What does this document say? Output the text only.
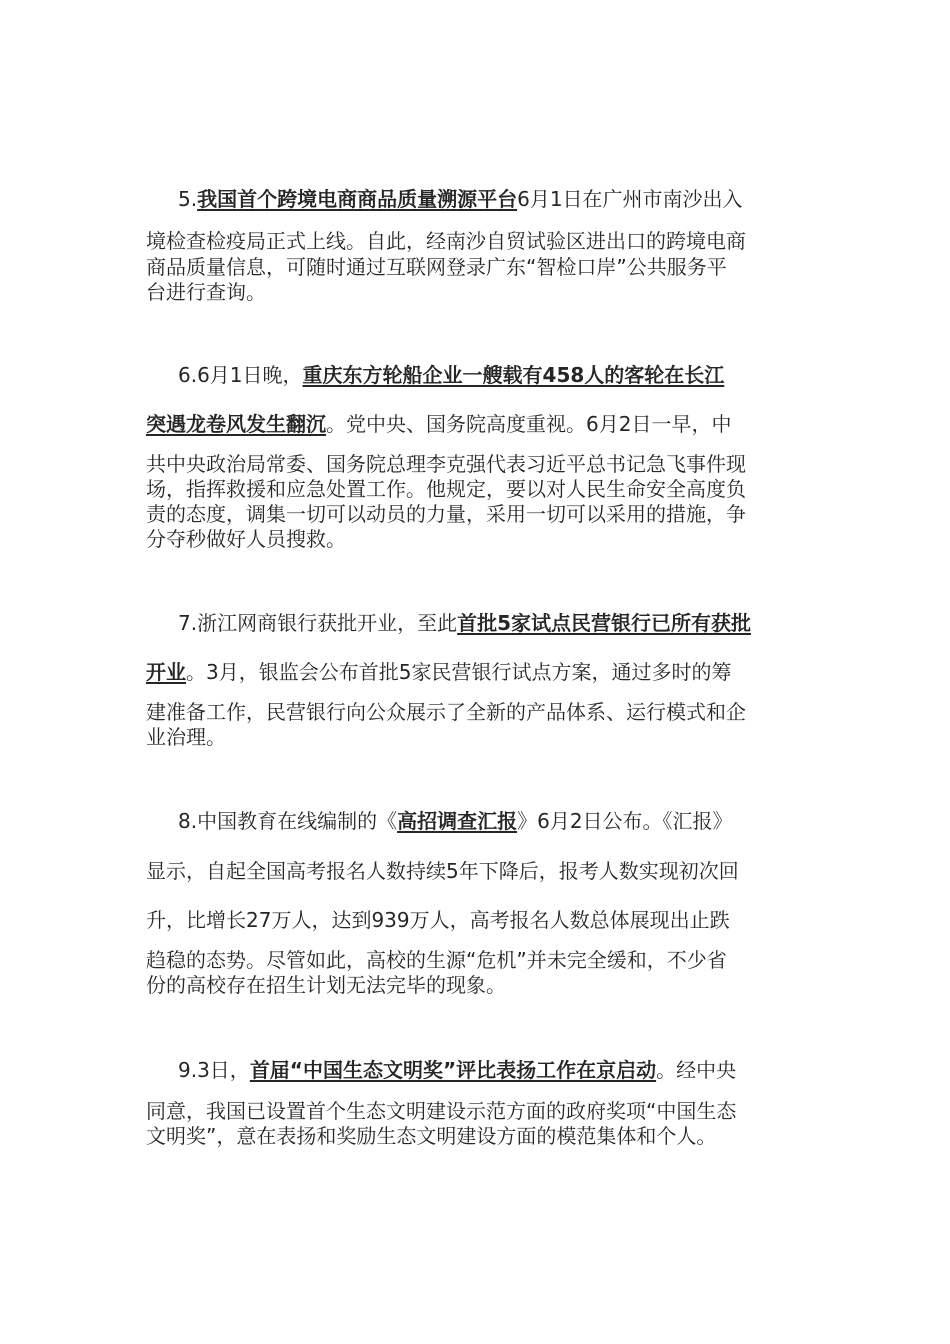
5.我国首个跨境电商商品质量溯源平台6月1日在广州市南沙出入

境检查检疫局正式上线。自此，经南沙自贸试验区进出口的跨境电商

商品质量信息，可随时通过互联网登录广东“智检口岸”公共服务平

台进行查询。

6.6月1日晚，重庆东方轮船企业一艘载有458人的客轮在长江

突遇龙卷风发生翻沉。党中央、国务院高度重视。6月2日一早，中

共中央政治局常委、国务院总理李克强代表习近平总书记急飞事件现

场，指挥救援和应急处置工作。他规定，要以对人民生命安全高度负

责的态度，调集一切可以动员的力量，采用一切可以采用的措施，争

分夺秒做好人员搜救。

7.浙江网商银行获批开业，至此首批5家试点民营银行已所有获批

开业。3月，银监会公布首批5家民营银行试点方案，通过多时的筹

建准备工作，民营银行向公众展示了全新的产品体系、运行模式和企

业治理。

8.中国教育在线编制的《高招调查汇报》6月2日公布。《汇报》

显示，自起全国高考报名人数持续5年下降后，报考人数实现初次回

升，比增长27万人，达到939万人，高考报名人数总体展现出止跌

趋稳的态势。尽管如此，高校的生源“危机”并未完全缓和，不少省

份的高校存在招生计划无法完毕的现象。

9.3日，首届“中国生态文明奖”评比表扬工作在京启动。经中央

同意，我国已设置首个生态文明建设示范方面的政府奖项“中国生态

文明奖”，意在表扬和奖励生态文明建设方面的模范集体和个人。
